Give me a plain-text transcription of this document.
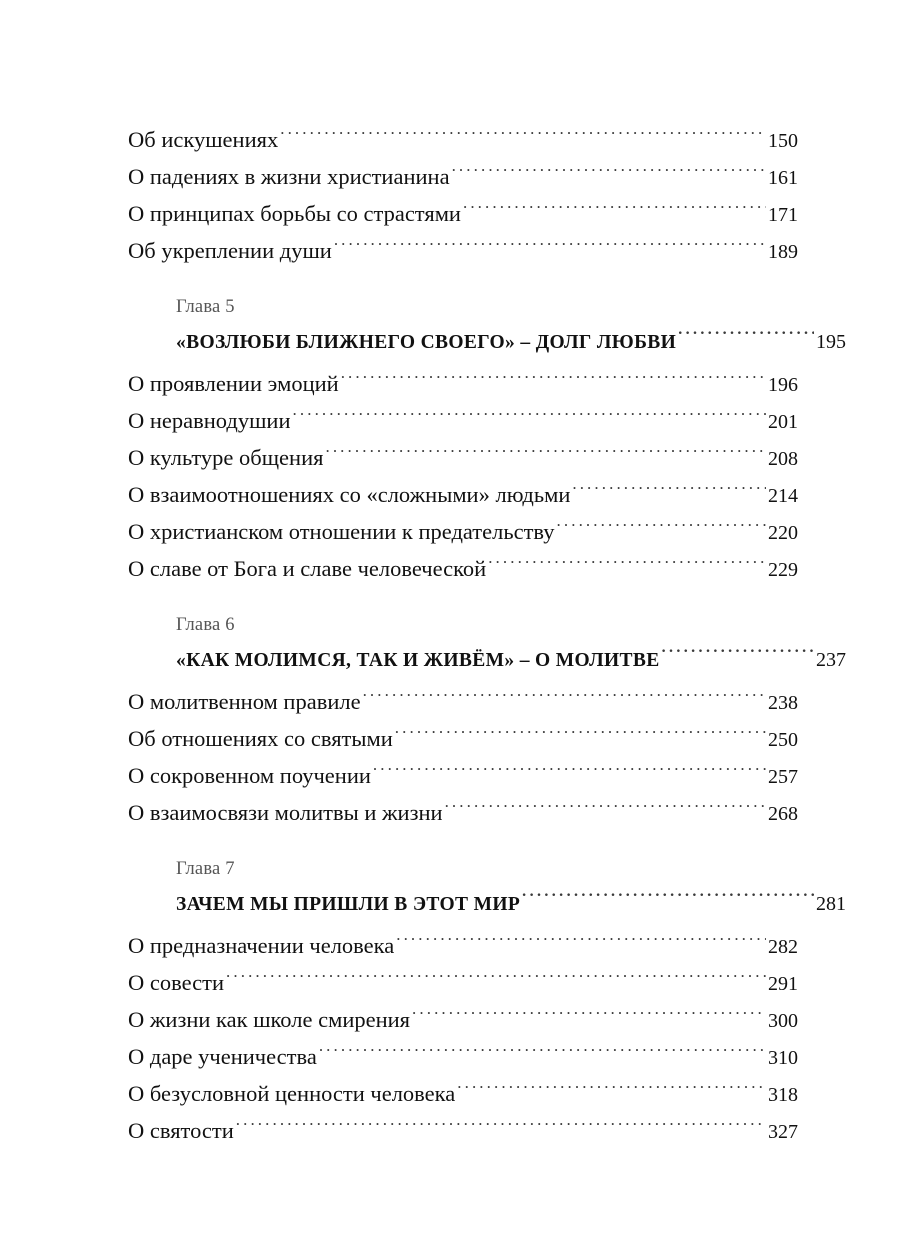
Об искушениях .....	150
О падениях в жизни христианина .....	161
О принципах борьбы со страстями .....	171
Об укреплении души .....	189
Глава 5
«ВОЗЛЮБИ БЛИЖНЕГО СВОЕГО» – ДОЛГ ЛЮБВИ .....	195
О проявлении эмоций .....	196
О неравнодушии .....	201
О культуре общения .....	208
О взаимоотношениях со «сложными» людьми .....	214
О христианском отношении к предательству .....	220
О славе от Бога и славе человеческой .....	229
Глава 6
«КАК МОЛИМСЯ, ТАК И ЖИВЁМ» – О МОЛИТВЕ .....	237
О молитвенном правиле .....	238
Об отношениях со святыми .....	250
О сокровенном поучении .....	257
О взаимосвязи молитвы и жизни .....	268
Глава 7
ЗАЧЕМ МЫ ПРИШЛИ В ЭТОТ МИР .....	281
О предназначении человека .....	282
О совести .....	291
О жизни как школе смирения .....	300
О даре ученичества .....	310
О безусловной ценности человека .....	318
О святости .....	327
